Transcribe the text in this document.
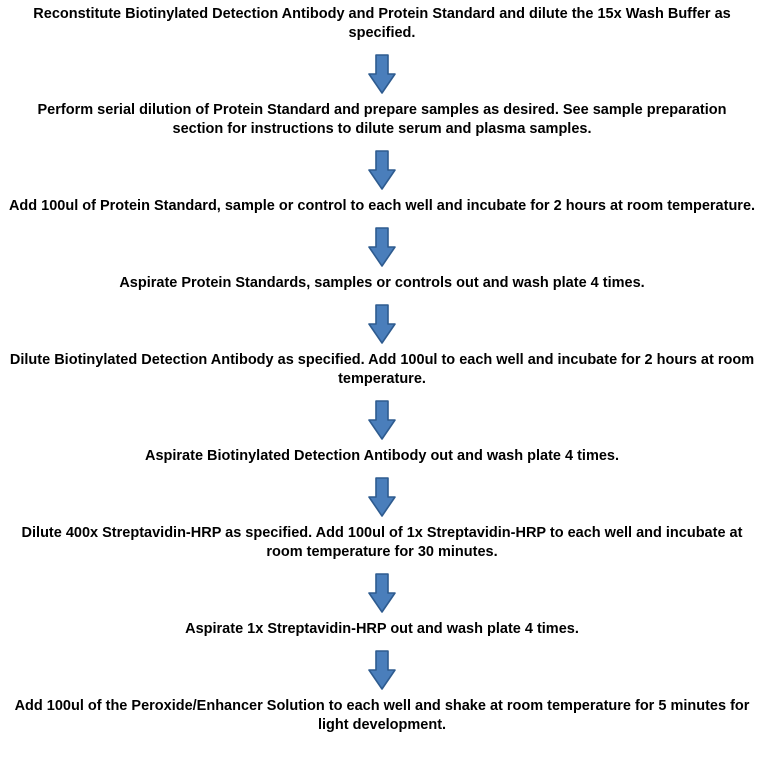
Reconstitute Biotinylated Detection Antibody and Protein Standard and dilute the 15x Wash Buffer as specified.

Perform serial dilution of Protein Standard and prepare samples as desired. See sample preparation section for instructions to dilute serum and plasma samples.

Add 100ul of Protein Standard, sample or control to each well and incubate for 2 hours at room temperature.

Aspirate Protein Standards, samples or controls out and wash plate 4 times.

Dilute Biotinylated Detection Antibody as specified. Add 100ul to each well and incubate for 2 hours at room temperature.

Aspirate Biotinylated Detection Antibody out and wash plate 4 times.

Dilute 400x Streptavidin-HRP as specified. Add 100ul of 1x Streptavidin-HRP to each well and incubate at room temperature for 30 minutes.

Aspirate 1x Streptavidin-HRP out and wash plate 4 times.

Add 100ul of the Peroxide/Enhancer Solution to each well and shake at room temperature for 5 minutes for light development.
